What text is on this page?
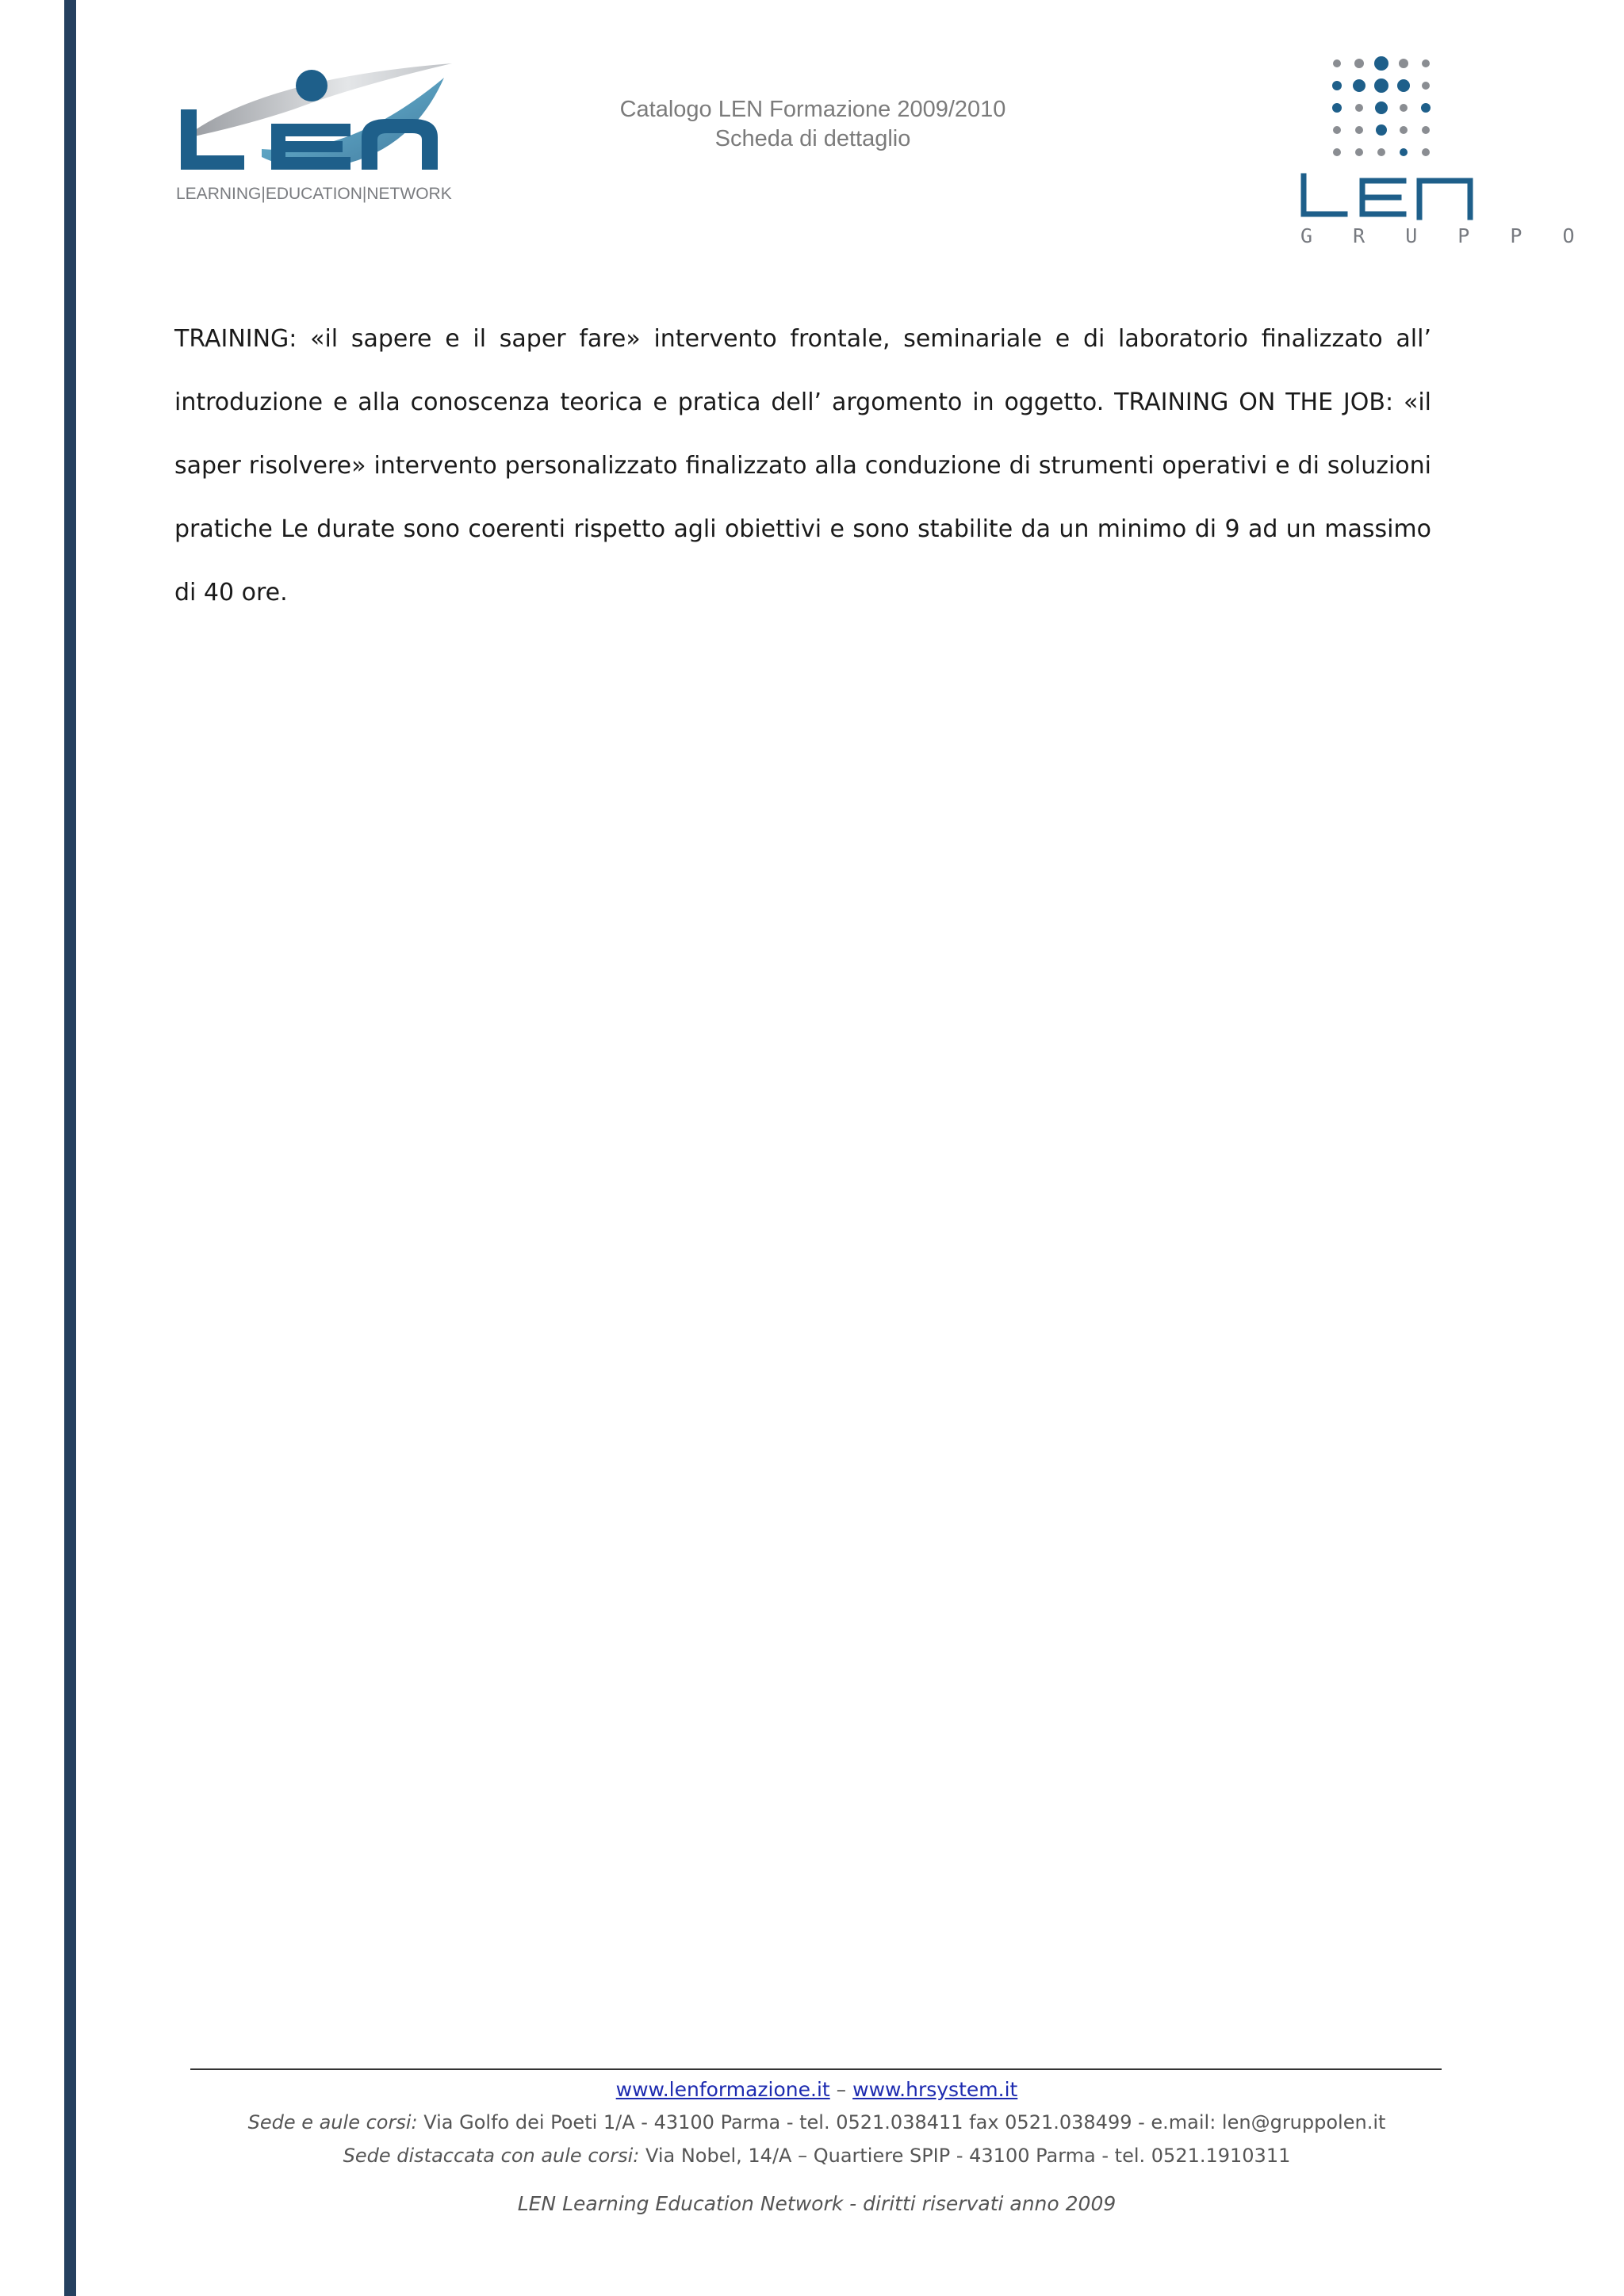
LEARNING|EDUCATION|NETWORK
Catalogo LEN Formazione 2009/2010
Scheda di dettaglio
G R U P P O

TRAINING: «il sapere e il saper fare» intervento frontale, seminariale e di laboratorio finalizzato all’ introduzione e alla conoscenza teorica e pratica dell’ argomento in oggetto. TRAINING ON THE JOB: «il saper risolvere» intervento personalizzato finalizzato alla conduzione di strumenti operativi e di soluzioni pratiche Le durate sono coerenti rispetto agli obiettivi e sono stabilite da un minimo di 9 ad un massimo di 40 ore.

www.lenformazione.it – www.hrsystem.it
Sede e aule corsi: Via Golfo dei Poeti 1/A - 43100 Parma - tel. 0521.038411 fax 0521.038499 - e.mail: len@gruppolen.it
Sede distaccata con aule corsi: Via Nobel, 14/A – Quartiere SPIP - 43100 Parma - tel. 0521.1910311
LEN Learning Education Network - diritti riservati anno 2009
